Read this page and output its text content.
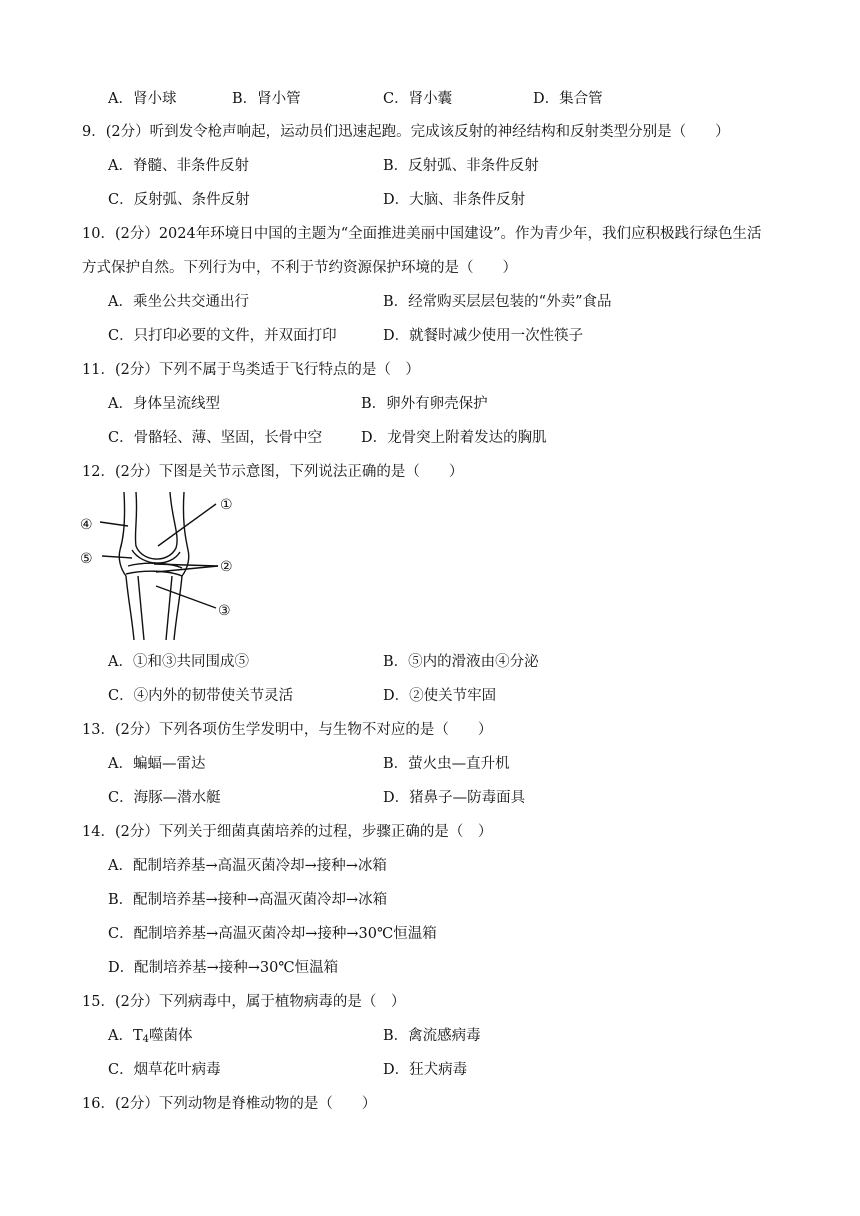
A．肾小球	B．肾小管	C．肾小囊	D．集合管
9．(2分）听到发令枪声响起，运动员们迅速起跑。完成该反射的神经结构和反射类型分别是（　　）
A．脊髓、非条件反射	B．反射弧、非条件反射
C．反射弧、条件反射	D．大脑、非条件反射
10．(2分）2024年环境日中国的主题为“全面推进美丽中国建设”。作为青少年，我们应积极践行绿色生活
方式保护自然。下列行为中，不利于节约资源保护环境的是（　　）
A．乘坐公共交通出行	B．经常购买层层包装的“外卖”食品
C．只打印必要的文件，并双面打印	D．就餐时减少使用一次性筷子
11．(2分）下列不属于鸟类适于飞行特点的是（　）
A．身体呈流线型	B．卵外有卵壳保护
C．骨骼轻、薄、坚固，长骨中空	D．龙骨突上附着发达的胸肌
12．(2分）下图是关节示意图，下列说法正确的是（　　）
①
②
③
④
⑤
A．①和③共同围成⑤	B．⑤内的滑液由④分泌
C．④内外的韧带使关节灵活	D．②使关节牢固
13．(2分）下列各项仿生学发明中，与生物不对应的是（　　）
A．蝙蝠—雷达	B．萤火虫—直升机
C．海豚—潜水艇	D．猪鼻子—防毒面具
14．(2分）下列关于细菌真菌培养的过程，步骤正确的是（　）
A．配制培养基→高温灭菌冷却→接种→冰箱
B．配制培养基→接种→高温灭菌冷却→冰箱
C．配制培养基→高温灭菌冷却→接种→30℃恒温箱
D．配制培养基→接种→30℃恒温箱
15．(2分）下列病毒中，属于植物病毒的是（　）
A．$T_4$噬菌体	B．禽流感病毒
C．烟草花叶病毒	D．狂犬病毒
16．(2分）下列动物是脊椎动物的是（　　）
